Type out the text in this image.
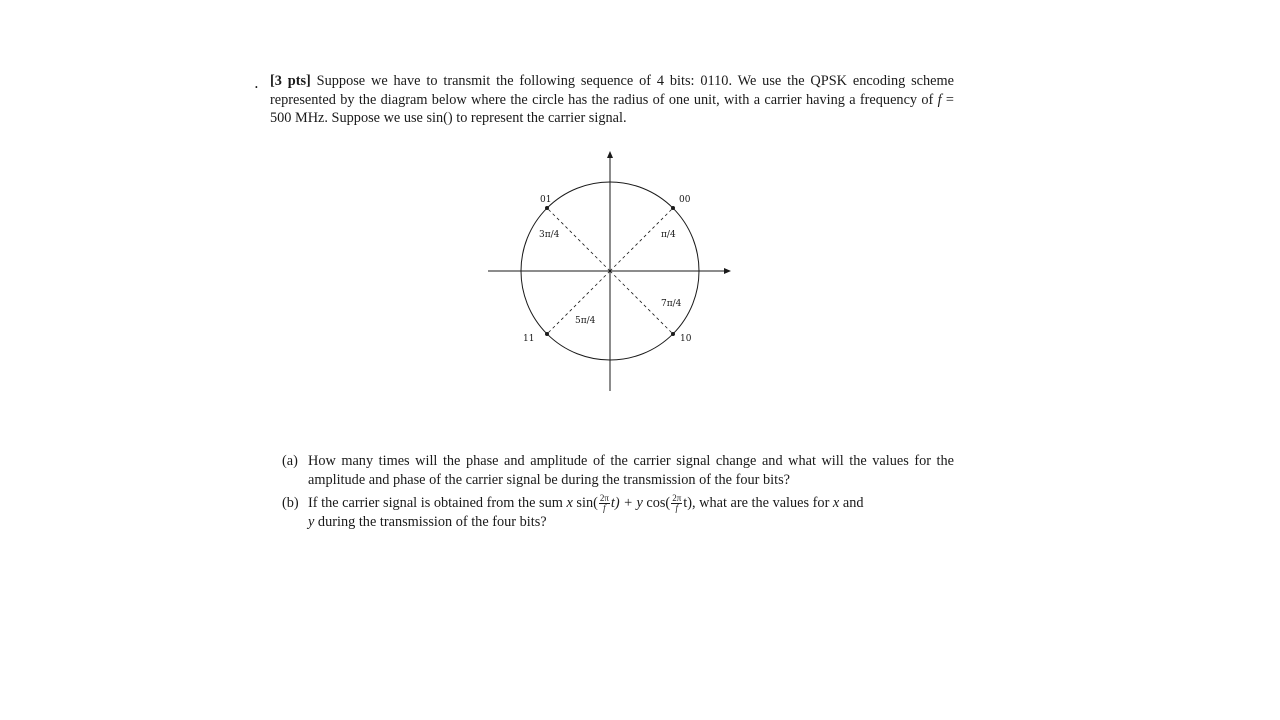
. [3 pts] Suppose we have to transmit the following sequence of 4 bits: 0110. We use the QPSK encoding scheme represented by the diagram below where the circle has the radius of one unit, with a carrier having a frequency of f = 500 MHz. Suppose we use sin() to represent the carrier signal.
01	00
11	10
π/4
3π/4
5π/4
7π/4
(a) How many times will the phase and amplitude of the carrier signal change and what will the values for the amplitude and phase of the carrier signal be during the transmission of the four bits?
(b) If the carrier signal is obtained from the sum x $\sin( \frac{2\pi}{f} t) + y$ $\cos( \frac{2\pi}{f} t)$, what are the values for x and
y during the transmission of the four bits?
